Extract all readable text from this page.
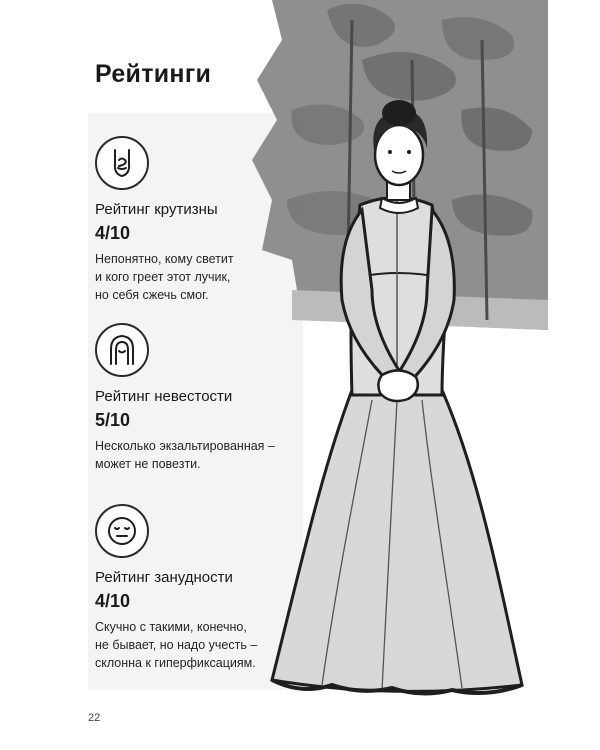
Рейтинги
Рейтинг крутизны
4/10
Непонятно, кому светит
и кого греет этот лучик,
но себя сжечь смог.
Рейтинг невестости
5/10
Несколько экзальтированная –
может не повезти.
Рейтинг занудности
4/10
Скучно с такими, конечно,
не бывает, но надо учесть –
склонна к гиперфиксациям.
22
